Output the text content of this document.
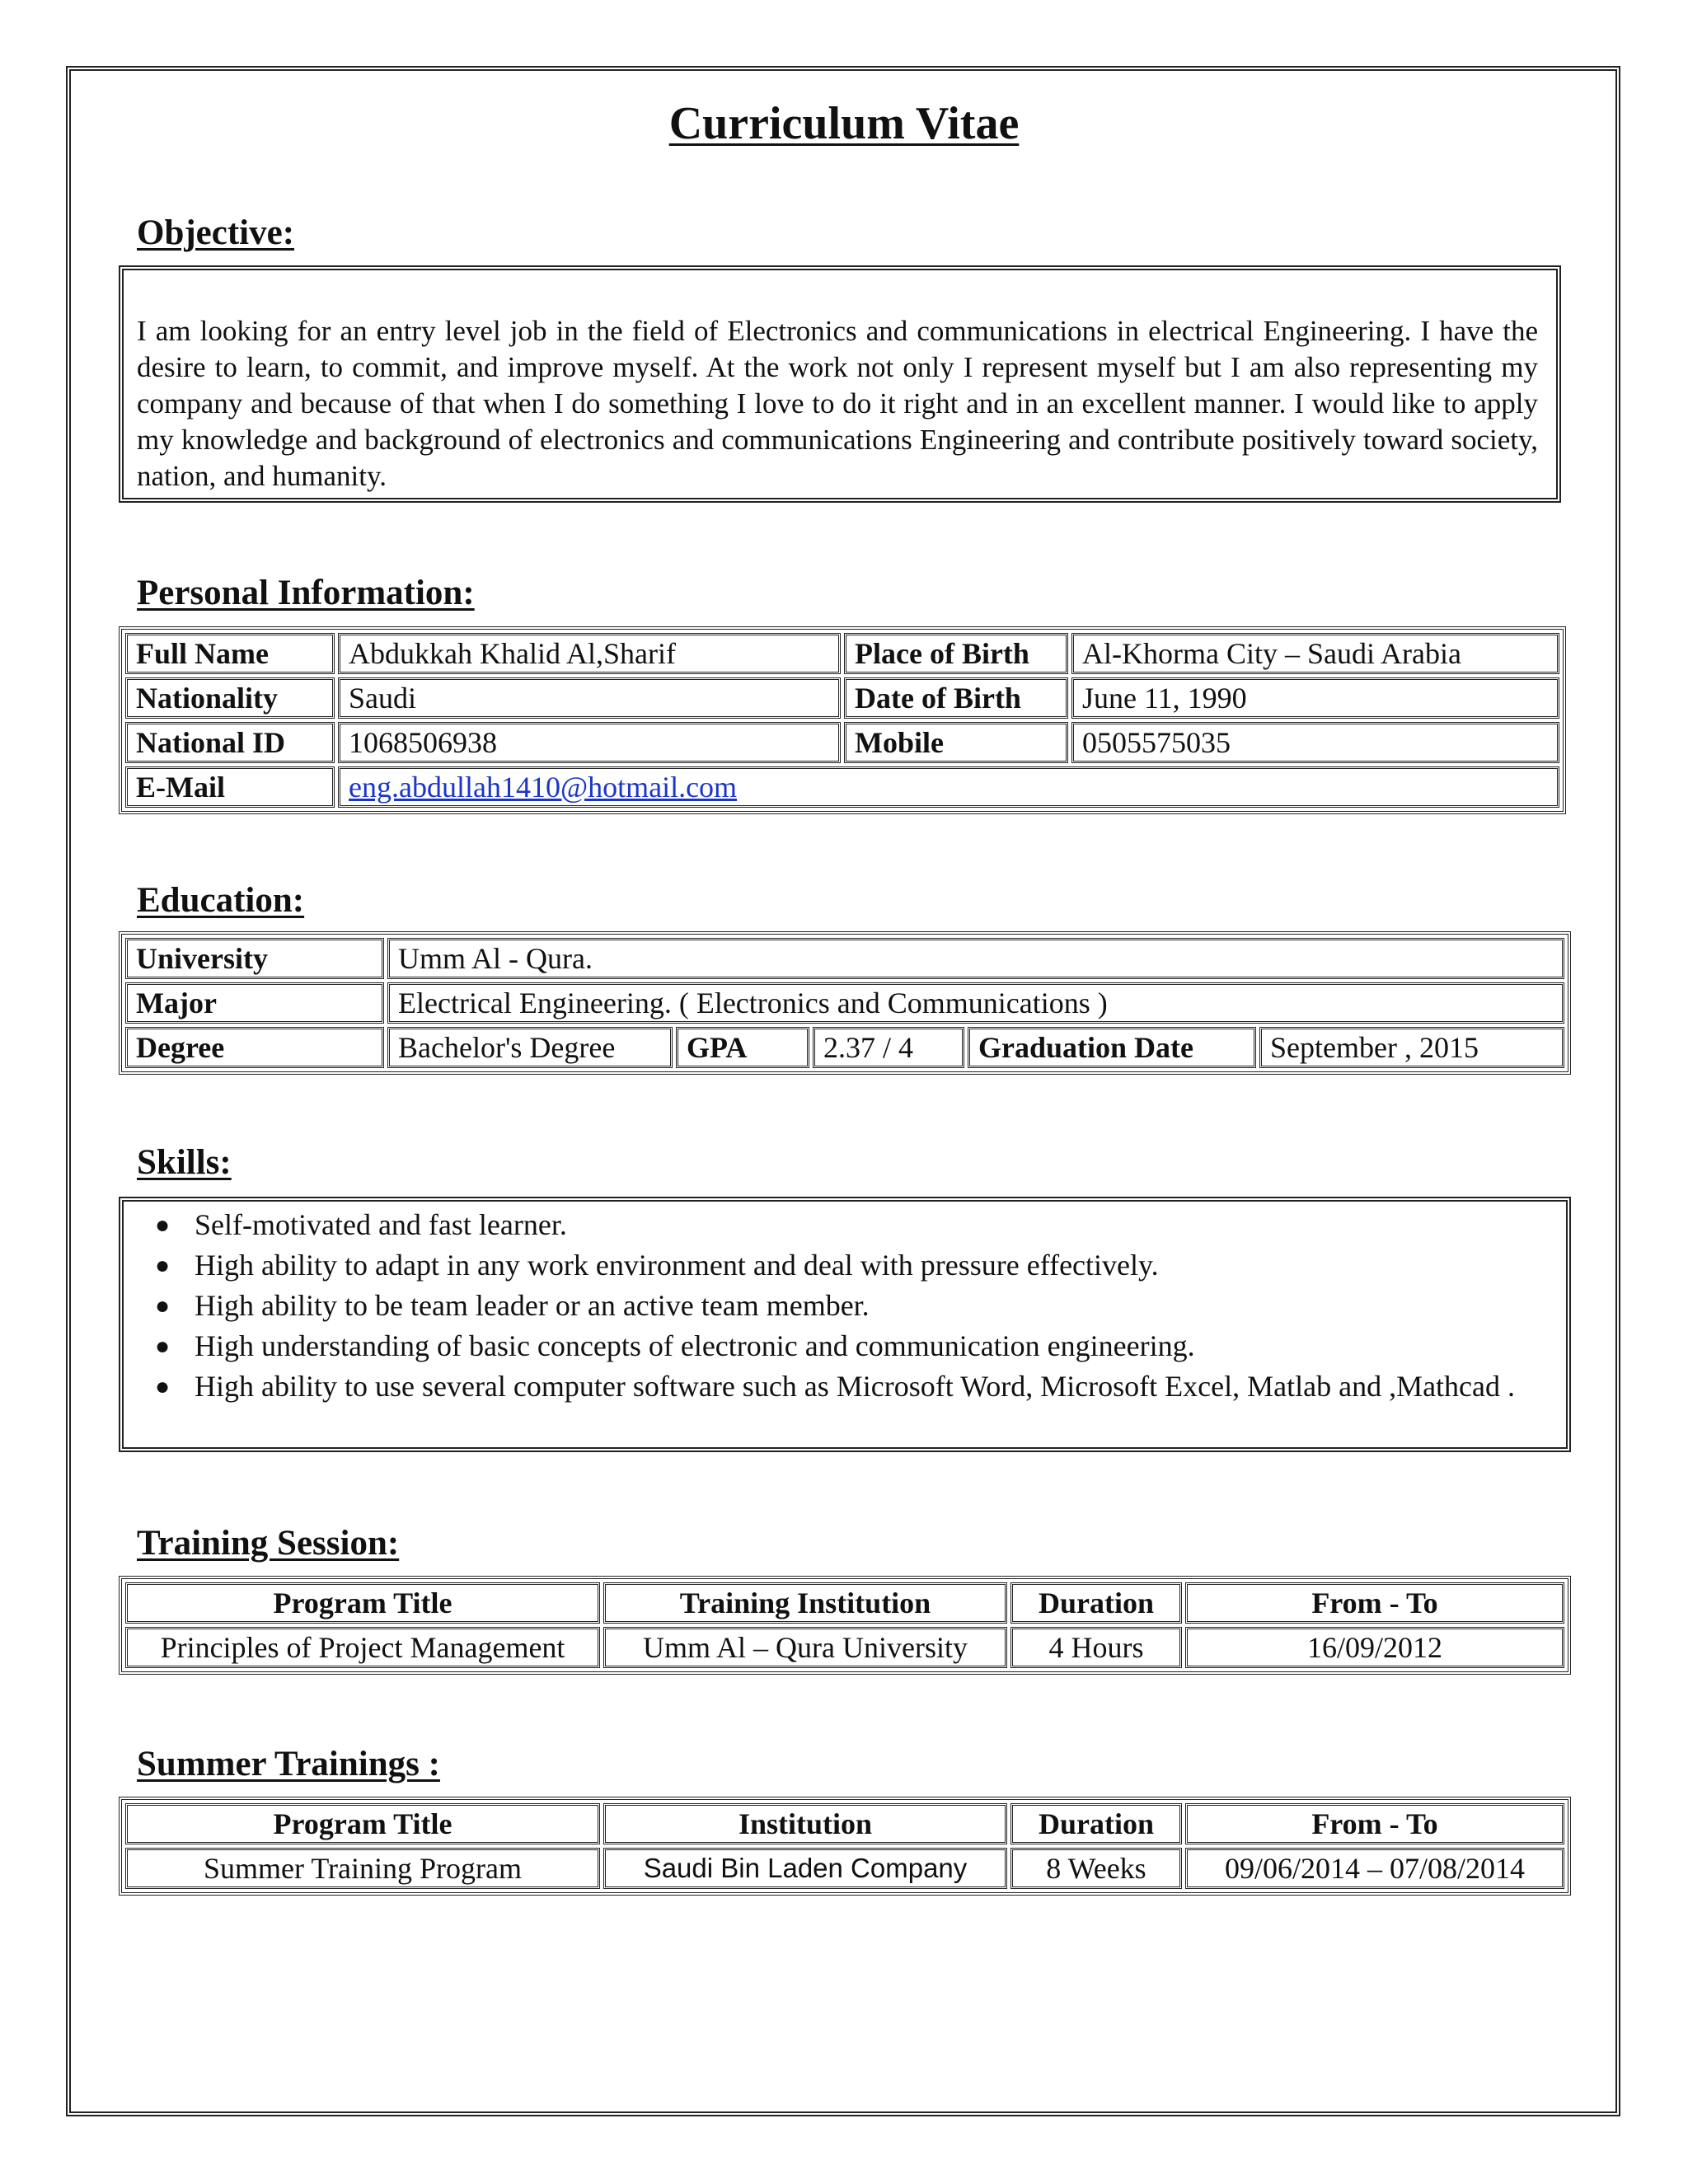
Curriculum Vitae
Objective:

I am looking for an entry level job in the field of Electronics and communications in electrical Engineering. I have the desire to learn, to commit, and improve myself. At the work not only I represent myself but I am also representing my company and because of that when I do something I love to do it right and in an excellent manner. I would like to apply my knowledge and background of electronics and communications Engineering and contribute positively toward society, nation, and humanity.

Personal Information:
Full Name	Abdukkah Khalid Al,Sharif	Place of Birth	Al-Khorma City – Saudi Arabia
Nationality	Saudi	Date of Birth	June 11, 1990
National ID	1068506938	Mobile	0505575035
E-Mail	eng.abdullah1410@hotmail.com		
Education:
University	Umm Al - Qura.				
Major	Electrical Engineering. ( Electronics and Communications )				
Degree	Bachelor's Degree	GPA	2.37 / 4	Graduation Date	September , 2015
Skills:
● Self-motivated and fast learner.
● High ability to adapt in any work environment and deal with pressure effectively.
● High ability to be team leader or an active team member.
● High understanding of basic concepts of electronic and communication engineering.
● High ability to use several computer software such as Microsoft Word, Microsoft Excel, Matlab and ,Mathcad .
Training Session:
Program Title	Training Institution	Duration	From - To
Principles of Project Management	Umm Al – Qura University	4 Hours	16/09/2012
Summer Trainings :
Program Title	Institution	Duration	From - To
Summer Training Program	Saudi Bin Laden Company	8 Weeks	09/06/2014 – 07/08/2014
